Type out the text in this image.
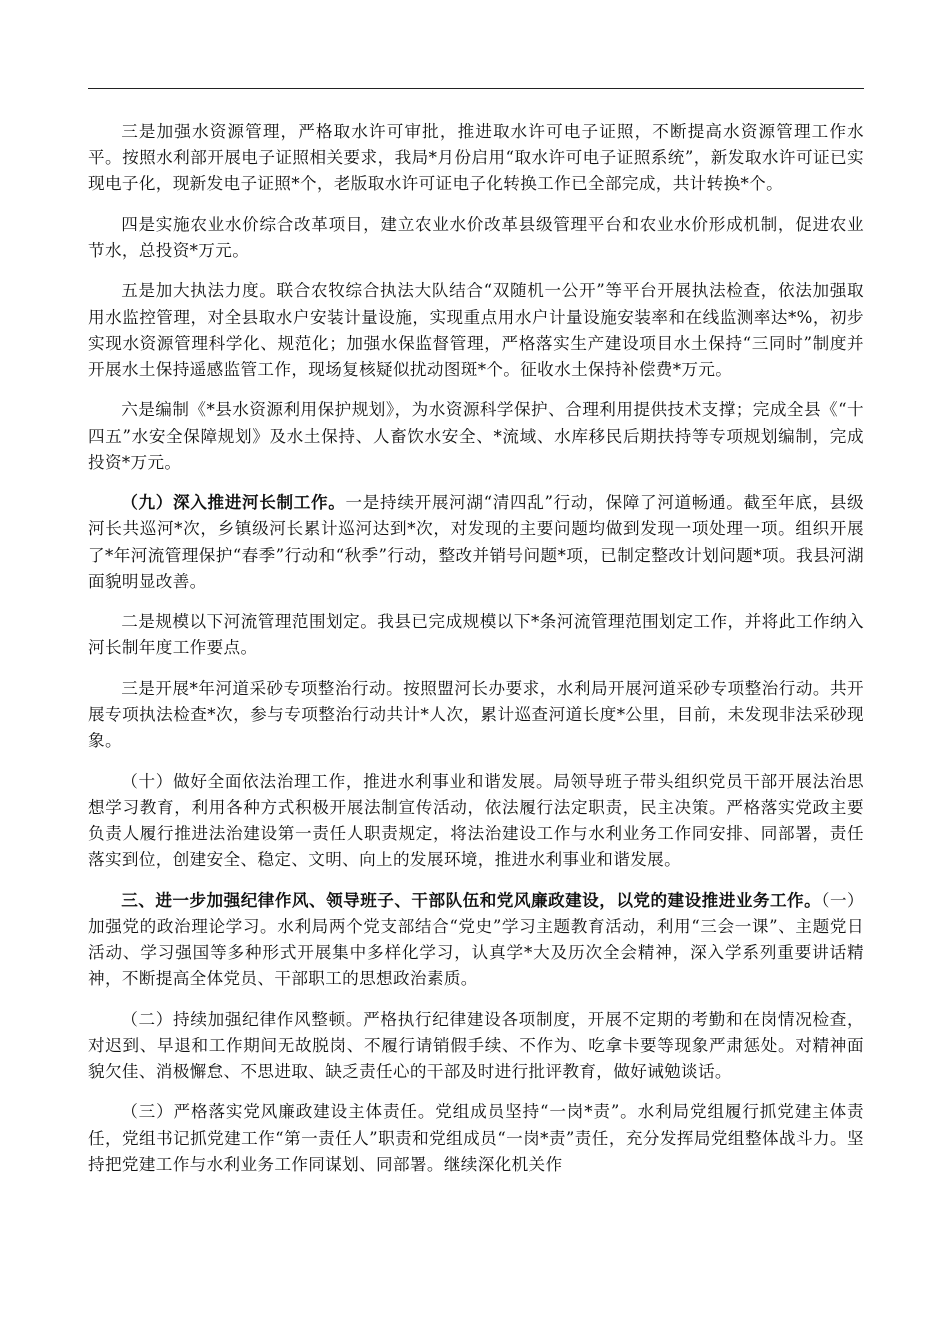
三是加强水资源管理，严格取水许可审批，推进取水许可电子证照，不断提高水资源管理工作水平。按照水利部开展电子证照相关要求，我局*月份启用“取水许可电子证照系统”，新发取水许可证已实现电子化，现新发电子证照*个，老版取水许可证电子化转换工作已全部完成，共计转换*个。

四是实施农业水价综合改革项目，建立农业水价改革县级管理平台和农业水价形成机制，促进农业节水，总投资*万元。

五是加大执法力度。联合农牧综合执法大队结合“双随机一公开”等平台开展执法检查，依法加强取用水监控管理，对全县取水户安装计量设施，实现重点用水户计量设施安装率和在线监测率达*%，初步实现水资源管理科学化、规范化；加强水保监督管理，严格落实生产建设项目水土保持“三同时”制度并开展水土保持遥感监管工作，现场复核疑似扰动图斑*个。征收水土保持补偿费*万元。

六是编制《*县水资源利用保护规划》，为水资源科学保护、合理利用提供技术支撑；完成全县《“十四五”水安全保障规划》及水土保持、人畜饮水安全、*流域、水库移民后期扶持等专项规划编制，完成投资*万元。

（九）深入推进河长制工作。一是持续开展河湖“清四乱”行动，保障了河道畅通。截至年底，县级河长共巡河*次，乡镇级河长累计巡河达到*次，对发现的主要问题均做到发现一项处理一项。组织开展了*年河流管理保护“春季”行动和“秋季”行动，整改并销号问题*项，已制定整改计划问题*项。我县河湖面貌明显改善。

二是规模以下河流管理范围划定。我县已完成规模以下*条河流管理范围划定工作，并将此工作纳入河长制年度工作要点。

三是开展*年河道采砂专项整治行动。按照盟河长办要求，水利局开展河道采砂专项整治行动。共开展专项执法检查*次，参与专项整治行动共计*人次，累计巡查河道长度*公里，目前，未发现非法采砂现象。

（十）做好全面依法治理工作，推进水利事业和谐发展。局领导班子带头组织党员干部开展法治思想学习教育，利用各种方式积极开展法制宣传活动，依法履行法定职责，民主决策。严格落实党政主要负责人履行推进法治建设第一责任人职责规定，将法治建设工作与水利业务工作同安排、同部署，责任落实到位，创建安全、稳定、文明、向上的发展环境，推进水利事业和谐发展。

三、进一步加强纪律作风、领导班子、干部队伍和党风廉政建设，以党的建设推进业务工作。（一）加强党的政治理论学习。水利局两个党支部结合“党史”学习主题教育活动，利用“三会一课”、主题党日活动、学习强国等多种形式开展集中多样化学习，认真学*大及历次全会精神，深入学系列重要讲话精神，不断提高全体党员、干部职工的思想政治素质。

（二）持续加强纪律作风整顿。严格执行纪律建设各项制度，开展不定期的考勤和在岗情况检查，对迟到、早退和工作期间无故脱岗、不履行请销假手续、不作为、吃拿卡要等现象严肃惩处。对精神面貌欠佳、消极懈怠、不思进取、缺乏责任心的干部及时进行批评教育，做好诫勉谈话。

（三）严格落实党风廉政建设主体责任。党组成员坚持“一岗*责”。水利局党组履行抓党建主体责任，党组书记抓党建工作“第一责任人”职责和党组成员“一岗*责”责任，充分发挥局党组整体战斗力。坚持把党建工作与水利业务工作同谋划、同部署。继续深化机关作
